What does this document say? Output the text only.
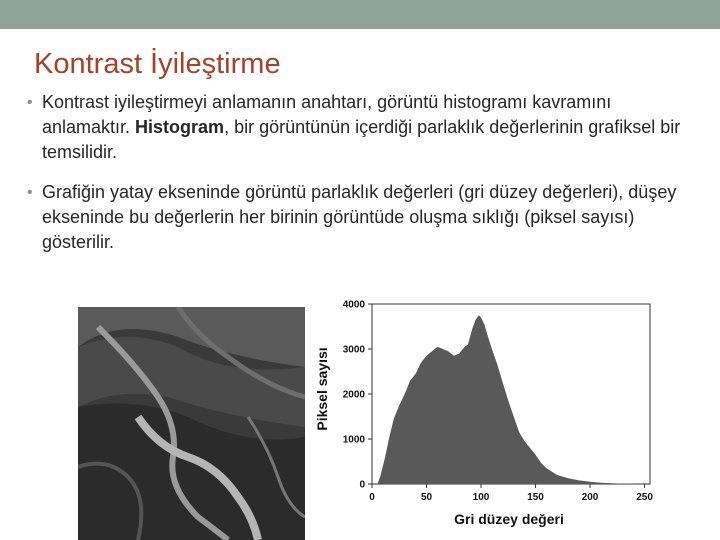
Kontrast İyileştirme
• Kontrast iyileştirmeyi anlamanın anahtarı, görüntü histogramı kavramını anlamaktır. Histogram, bir görüntünün içerdiği parlaklık değerlerinin grafiksel bir temsilidir.
• Grafiğin yatay ekseninde görüntü parlaklık değerleri (gri düzey değerleri), düşey ekseninde bu değerlerin her birinin görüntüde oluşma sıklığı (piksel sayısı) gösterilir.
0
1000
2000
3000
4000
0	50	100	150	200	250
Piksel sayısı
Gri düzey değeri
